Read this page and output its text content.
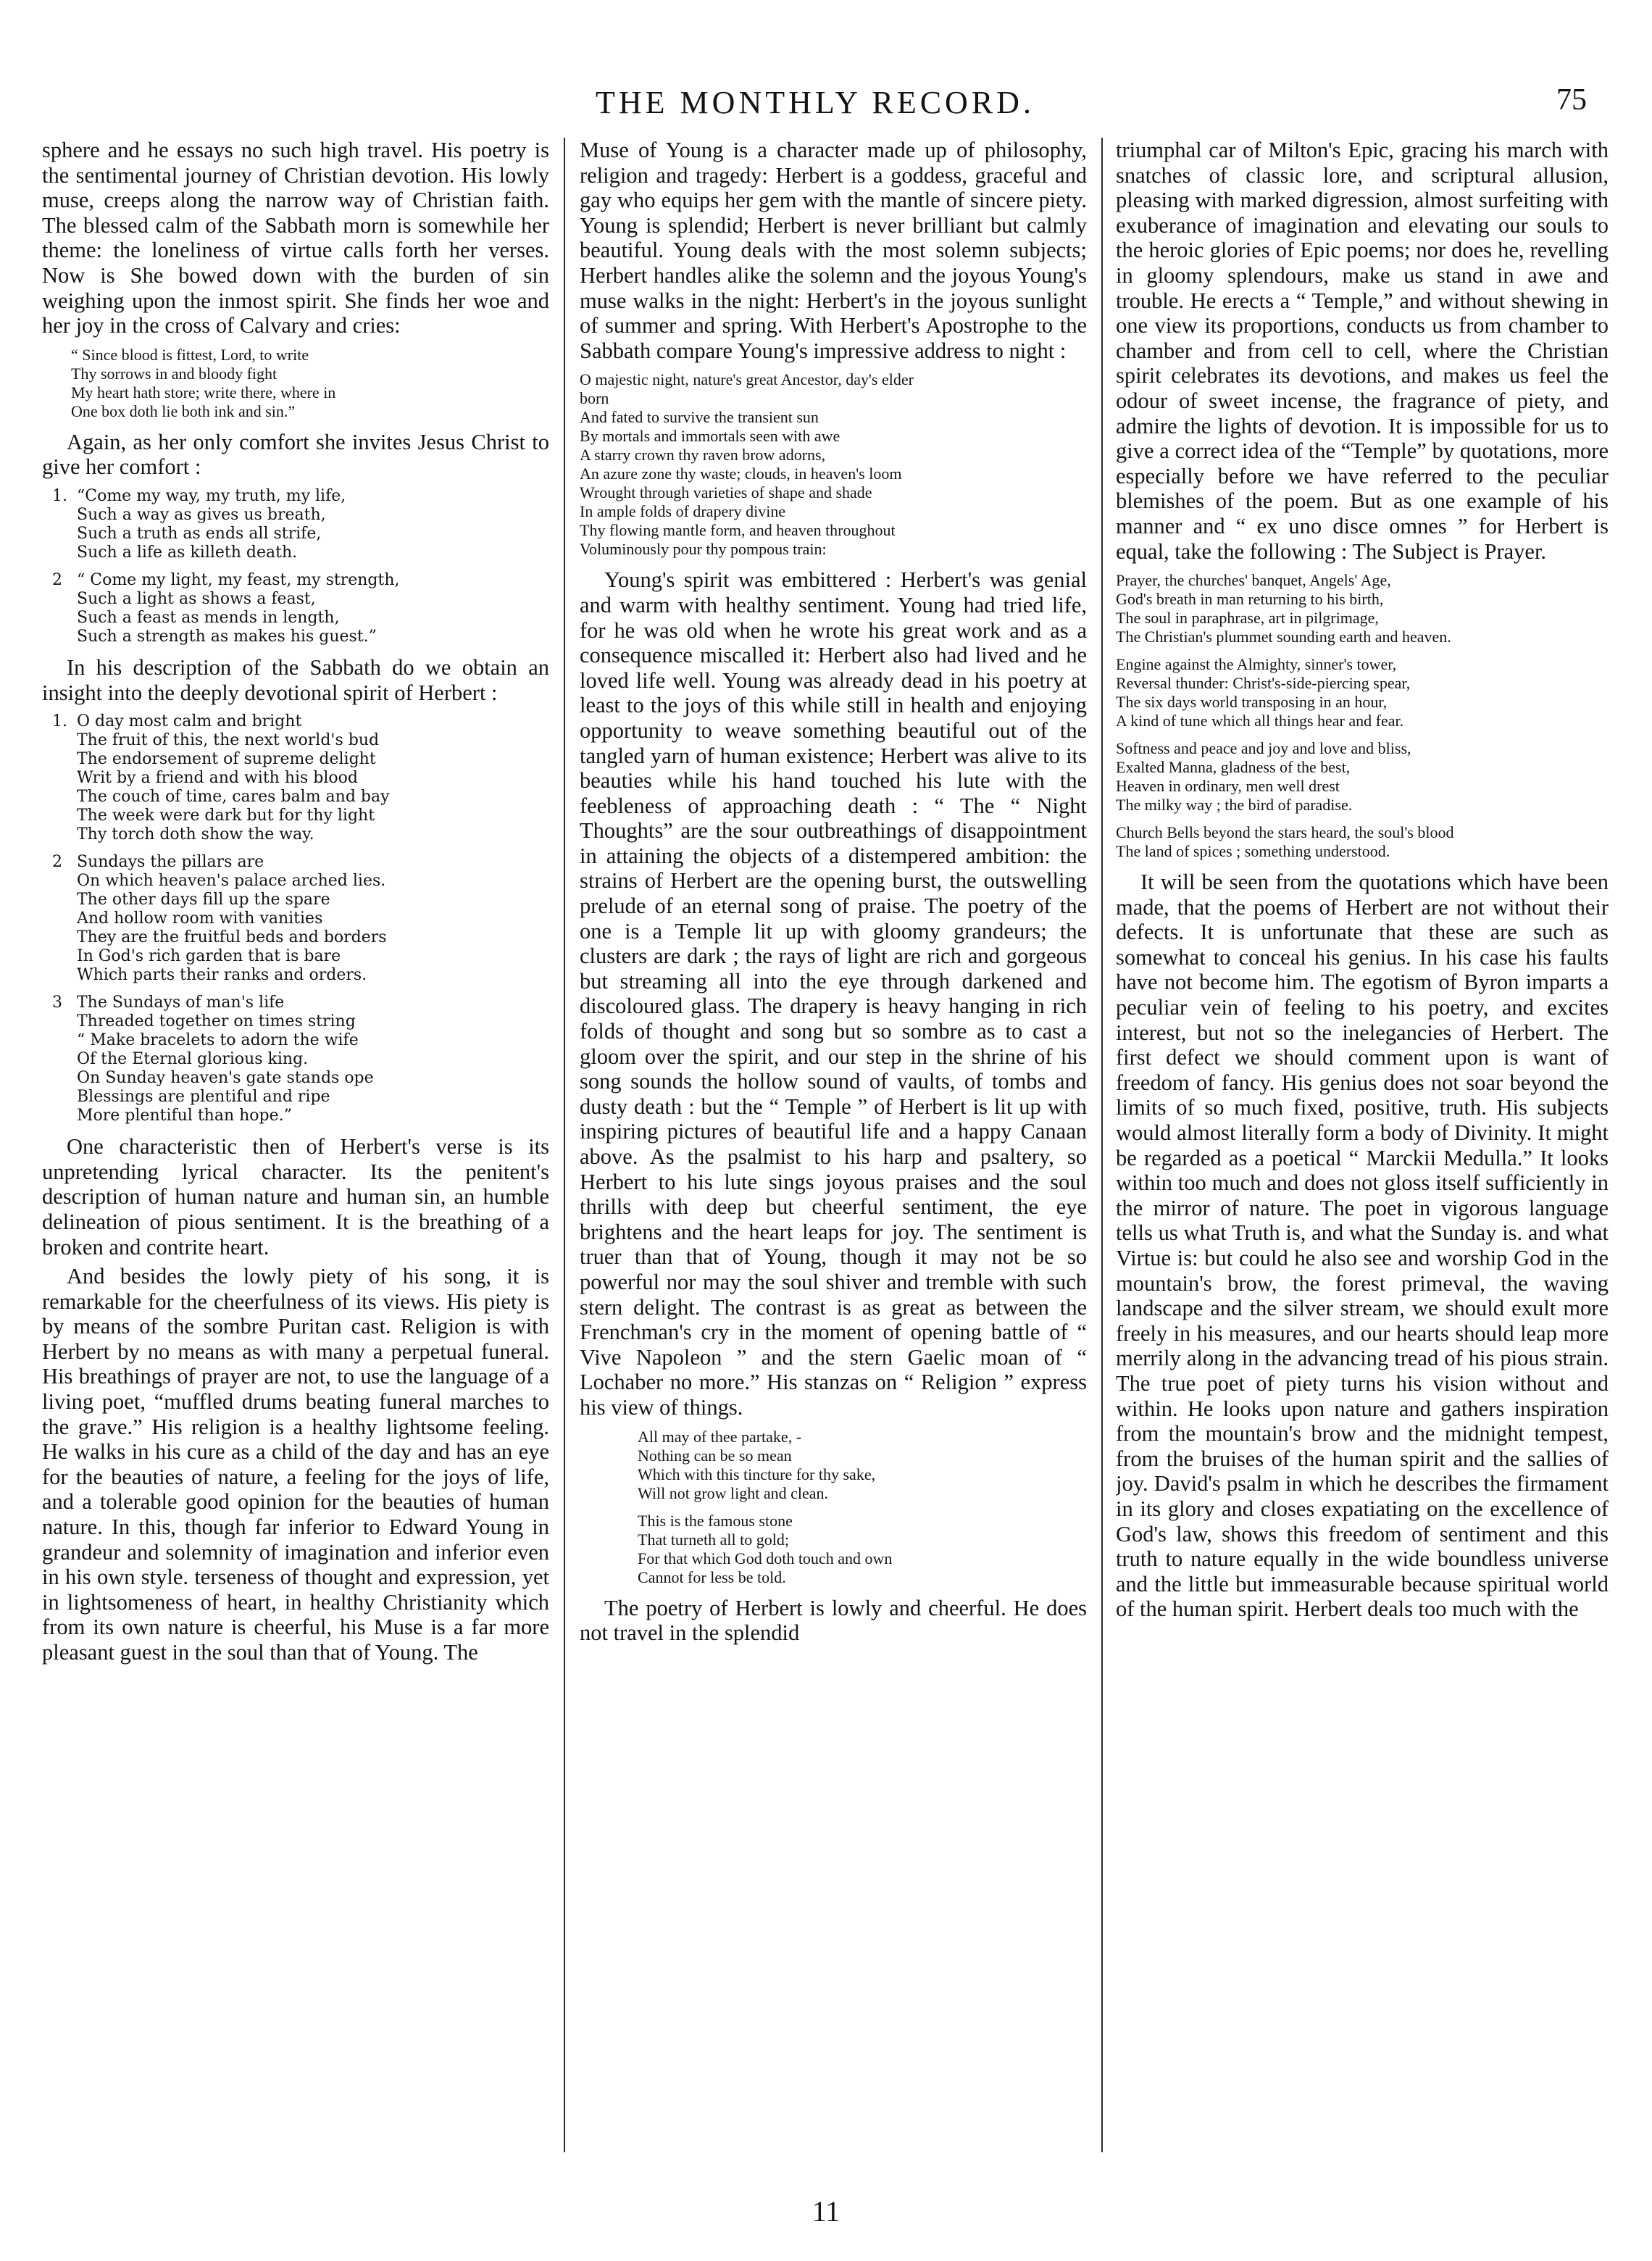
THE MONTHLY RECORD.	75

sphere and he essays no such high travel. His poetry is the sentimental journey of Christian devotion. His lowly muse, creeps along the narrow way of Christian faith. The blessed calm of the Sabbath morn is somewhile her theme: the loneliness of virtue calls forth her verses. Now is She bowed down with the burden of sin weighing upon the inmost spirit. She finds her woe and her joy in the cross of Calvary and cries:

“ Since blood is fittest, Lord, to write
Thy sorrows in and bloody fight
My heart hath store; write there, where in
One box doth lie both ink and sin.”

Again, as her only comfort she invites Jesus Christ to give her comfort :

1. “Come my way, my truth, my life,
Such a way as gives us breath,
Such a truth as ends all strife,
Such a life as killeth death.
2 “ Come my light, my feast, my strength,
Such a light as shows a feast,
Such a feast as mends in length,
Such a strength as makes his guest.”

In his description of the Sabbath do we obtain an insight into the deeply devotional spirit of Herbert :

1. O day most calm and bright
The fruit of this, the next world's bud
The endorsement of supreme delight
Writ by a friend and with his blood
The couch of time, cares balm and bay
The week were dark but for thy light
Thy torch doth show the way.
2 Sundays the pillars are
On which heaven's palace arched lies.
The other days fill up the spare
And hollow room with vanities
They are the fruitful beds and borders
In God's rich garden that is bare
Which parts their ranks and orders.
3 The Sundays of man's life
Threaded together on times string
“ Make bracelets to adorn the wife
Of the Eternal glorious king.
On Sunday heaven's gate stands ope
Blessings are plentiful and ripe
More plentiful than hope.”

One characteristic then of Herbert's verse is its unpretending lyrical character. Its the penitent's description of human nature and human sin, an humble delineation of pious sentiment. It is the breathing of a broken and contrite heart.

And besides the lowly piety of his song, it is remarkable for the cheerfulness of its views. His piety is by means of the sombre Puritan cast. Religion is with Herbert by no means as with many a perpetual funeral. His breathings of prayer are not, to use the language of a living poet, “muffled drums beating funeral marches to the grave.” His religion is a healthy lightsome feeling. He walks in his cure as a child of the day and has an eye for the beauties of nature, a feeling for the joys of life, and a tolerable good opinion for the beauties of human nature. In this, though far inferior to Edward Young in grandeur and solemnity of imagination and inferior even in his own style. terseness of thought and expression, yet in lightsomeness of heart, in healthy Christianity which from its own nature is cheerful, his Muse is a far more pleasant guest in the soul than that of Young. The

Muse of Young is a character made up of philosophy, religion and tragedy: Herbert is a goddess, graceful and gay who equips her gem with the mantle of sincere piety. Young is splendid; Herbert is never brilliant but calmly beautiful. Young deals with the most solemn subjects; Herbert handles alike the solemn and the joyous Young's muse walks in the night: Herbert's in the joyous sunlight of summer and spring. With Herbert's Apostrophe to the Sabbath compare Young's impressive address to night :

O majestic night, nature's great Ancestor, day's elder
born
And fated to survive the transient sun
By mortals and immortals seen with awe
A starry crown thy raven brow adorns,
An azure zone thy waste; clouds, in heaven's loom
Wrought through varieties of shape and shade
In ample folds of drapery divine
Thy flowing mantle form, and heaven throughout
Voluminously pour thy pompous train:

Young's spirit was embittered : Herbert's was genial and warm with healthy sentiment. Young had tried life, for he was old when he wrote his great work and as a consequence miscalled it: Herbert also had lived and he loved life well. Young was already dead in his poetry at least to the joys of this while still in health and enjoying opportunity to weave something beautiful out of the tangled yarn of human existence; Herbert was alive to its beauties while his hand touched his lute with the feebleness of approaching death : “ The “ Night Thoughts” are the sour outbreathings of disappointment in attaining the objects of a distempered ambition: the strains of Herbert are the opening burst, the outswelling prelude of an eternal song of praise. The poetry of the one is a Temple lit up with gloomy grandeurs; the clusters are dark ; the rays of light are rich and gorgeous but streaming all into the eye through darkened and discoloured glass. The drapery is heavy hanging in rich folds of thought and song but so sombre as to cast a gloom over the spirit, and our step in the shrine of his song sounds the hollow sound of vaults, of tombs and dusty death : but the “ Temple ” of Herbert is lit up with inspiring pictures of beautiful life and a happy Canaan above. As the psalmist to his harp and psaltery, so Herbert to his lute sings joyous praises and the soul thrills with deep but cheerful sentiment, the eye brightens and the heart leaps for joy. The sentiment is truer than that of Young, though it may not be so powerful nor may the soul shiver and tremble with such stern delight. The contrast is as great as between the Frenchman's cry in the moment of opening battle of “ Vive Napoleon ” and the stern Gaelic moan of “ Lochaber no more.” His stanzas on “ Religion ” express his view of things.

All may of thee partake, -
Nothing can be so mean
Which with this tincture for thy sake,
Will not grow light and clean.
This is the famous stone
That turneth all to gold;
For that which God doth touch and own
Cannot for less be told.

The poetry of Herbert is lowly and cheerful. He does not travel in the splendid

triumphal car of Milton's Epic, gracing his march with snatches of classic lore, and scriptural allusion, pleasing with marked digression, almost surfeiting with exuberance of imagination and elevating our souls to the heroic glories of Epic poems; nor does he, revelling in gloomy splendours, make us stand in awe and trouble. He erects a “ Temple,” and without shewing in one view its proportions, conducts us from chamber to chamber and from cell to cell, where the Christian spirit celebrates its devotions, and makes us feel the odour of sweet incense, the fragrance of piety, and admire the lights of devotion. It is impossible for us to give a correct idea of the “Temple” by quotations, more especially before we have referred to the peculiar blemishes of the poem. But as one example of his manner and “ ex uno disce omnes ” for Herbert is equal, take the following : The Subject is Prayer.

Prayer, the churches' banquet, Angels' Age,
God's breath in man returning to his birth,
The soul in paraphrase, art in pilgrimage,
The Christian's plummet sounding earth and heaven.
Engine against the Almighty, sinner's tower,
Reversal thunder: Christ's-side-piercing spear,
The six days world transposing in an hour,
A kind of tune which all things hear and fear.
Softness and peace and joy and love and bliss,
Exalted Manna, gladness of the best,
Heaven in ordinary, men well drest
The milky way ; the bird of paradise.
Church Bells beyond the stars heard, the soul's blood
The land of spices ; something understood.

It will be seen from the quotations which have been made, that the poems of Herbert are not without their defects. It is unfortunate that these are such as somewhat to conceal his genius. In his case his faults have not become him. The egotism of Byron imparts a peculiar vein of feeling to his poetry, and excites interest, but not so the inelegancies of Herbert. The first defect we should comment upon is want of freedom of fancy. His genius does not soar beyond the limits of so much fixed, positive, truth. His subjects would almost literally form a body of Divinity. It might be regarded as a poetical “ Marckii Medulla.” It looks within too much and does not gloss itself sufficiently in the mirror of nature. The poet in vigorous language tells us what Truth is, and what the Sunday is. and what Virtue is: but could he also see and worship God in the mountain's brow, the forest primeval, the waving landscape and the silver stream, we should exult more freely in his measures, and our hearts should leap more merrily along in the advancing tread of his pious strain. The true poet of piety turns his vision without and within. He looks upon nature and gathers inspiration from the mountain's brow and the midnight tempest, from the bruises of the human spirit and the sallies of joy. David's psalm in which he describes the firmament in its glory and closes expatiating on the excellence of God's law, shows this freedom of sentiment and this truth to nature equally in the wide boundless universe and the little but immeasurable because spiritual world of the human spirit. Herbert deals too much with the

11
